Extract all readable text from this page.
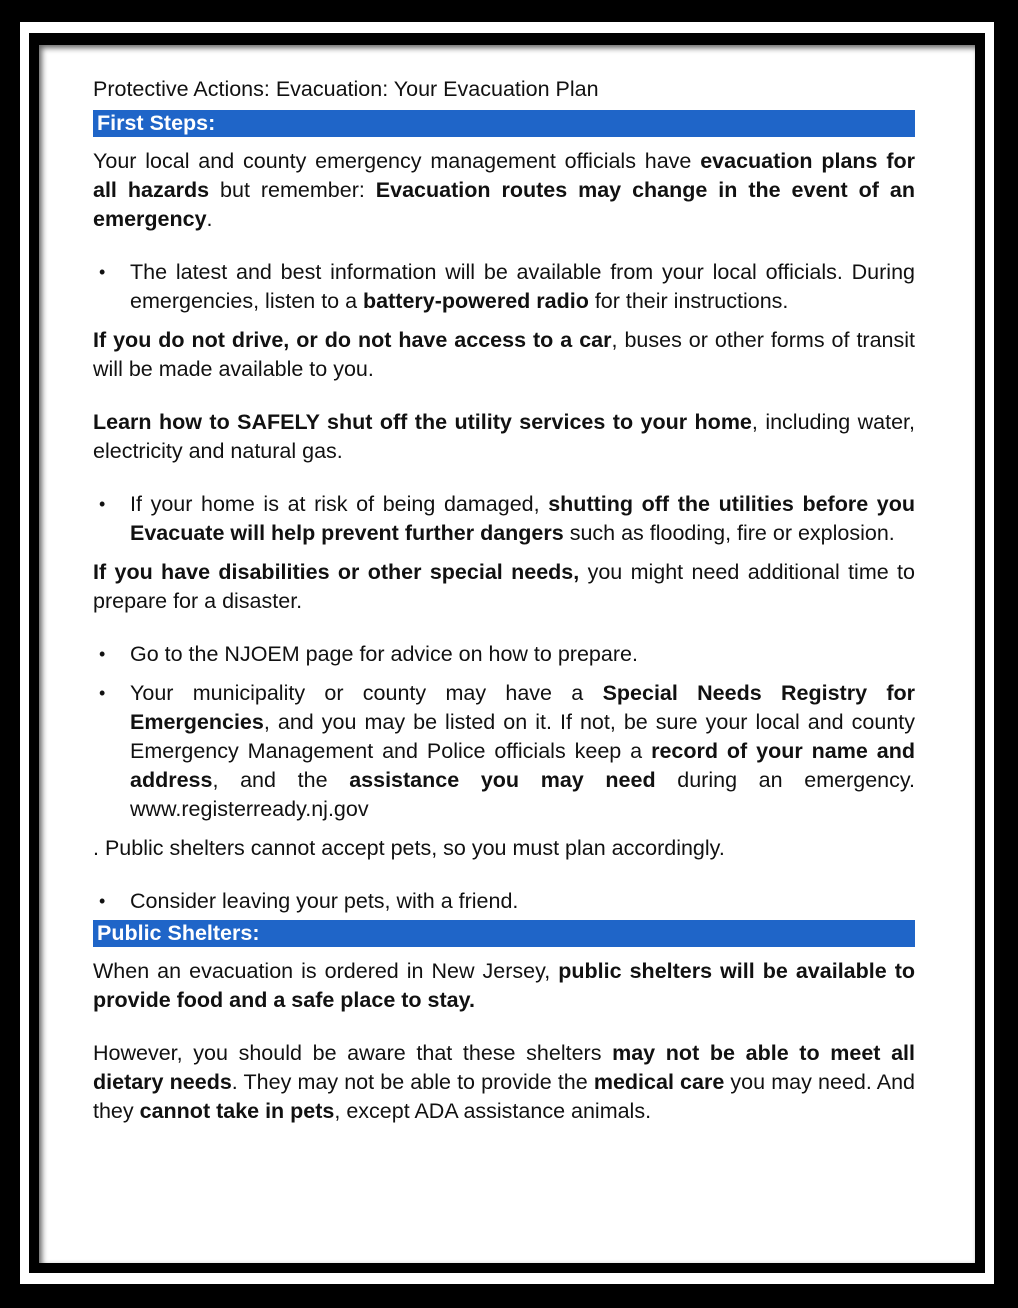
Protective Actions: Evacuation: Your Evacuation Plan
First Steps:

Your local and county emergency management officials have evacuation plans for all hazards but remember: Evacuation routes may change in the event of an emergency.

• The latest and best information will be available from your local officials. During emergencies, listen to a battery-powered radio for their instructions.

If you do not drive, or do not have access to a car, buses or other forms of transit will be made available to you.

Learn how to SAFELY shut off the utility services to your home, including water, electricity and natural gas.

• If your home is at risk of being damaged, shutting off the utilities before you Evacuate will help prevent further dangers such as flooding, fire or explosion.

If you have disabilities or other special needs, you might need additional time to prepare for a disaster.

• Go to the NJOEM page for advice on how to prepare.
• Your municipality or county may have a Special Needs Registry for Emergencies, and you may be listed on it. If not, be sure your local and county Emergency Management and Police officials keep a record of your name and address, and the assistance you may need during an emergency. www.registerready.nj.gov

. Public shelters cannot accept pets, so you must plan accordingly.

• Consider leaving your pets, with a friend.
Public Shelters:

When an evacuation is ordered in New Jersey, public shelters will be available to provide food and a safe place to stay.

However, you should be aware that these shelters may not be able to meet all dietary needs. They may not be able to provide the medical care you may need. And they cannot take in pets, except ADA assistance animals.
